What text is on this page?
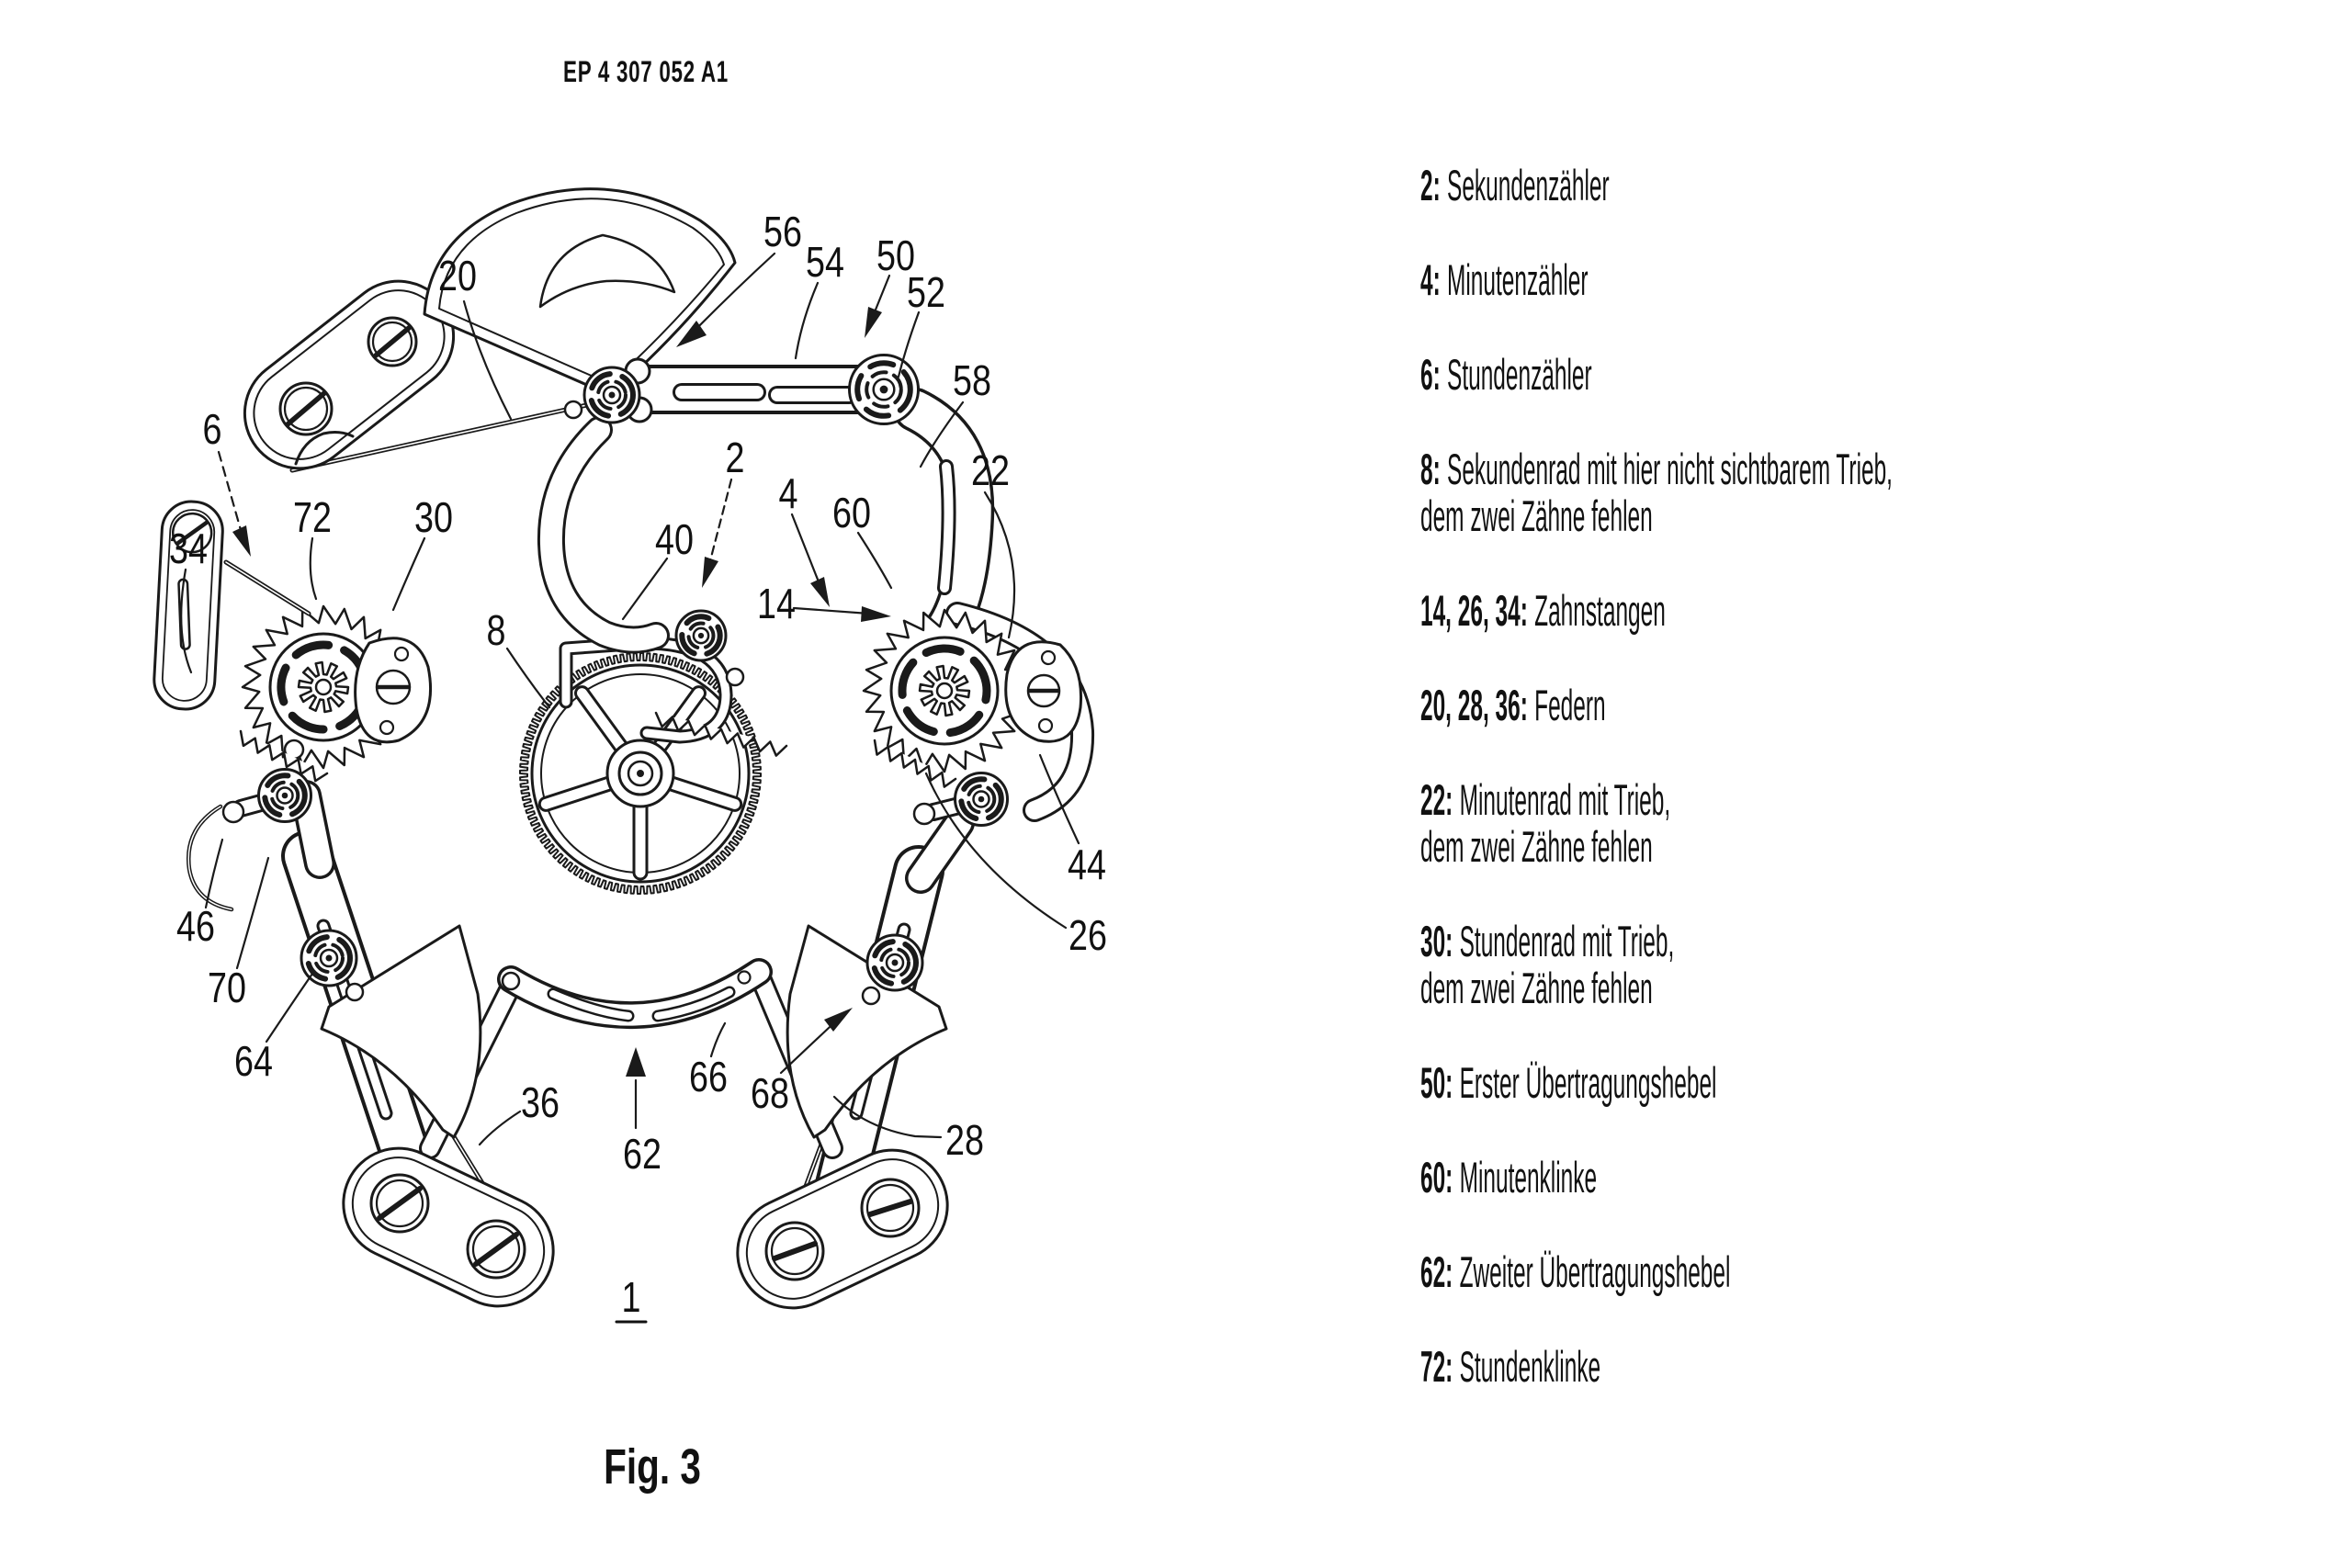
EP 4 307 052 A1
20
56
54 50
52
58
22
2
4 60
40
8
14
6
34
72 30
46
70
64
36
62
66 68
28
44
26
1
Fig. 3
2: Sekundenzähler
4: Minutenzähler
6: Stundenzähler
8: Sekundenrad mit hier nicht sichtbarem Trieb,
dem zwei Zähne fehlen
14, 26, 34: Zahnstangen
20, 28, 36: Federn
22: Minutenrad mit Trieb,
dem zwei Zähne fehlen
30: Stundenrad mit Trieb,
dem zwei Zähne fehlen
50: Erster Übertragungshebel
60: Minutenklinke
62: Zweiter Übertragungshebel
72: Stundenklinke
